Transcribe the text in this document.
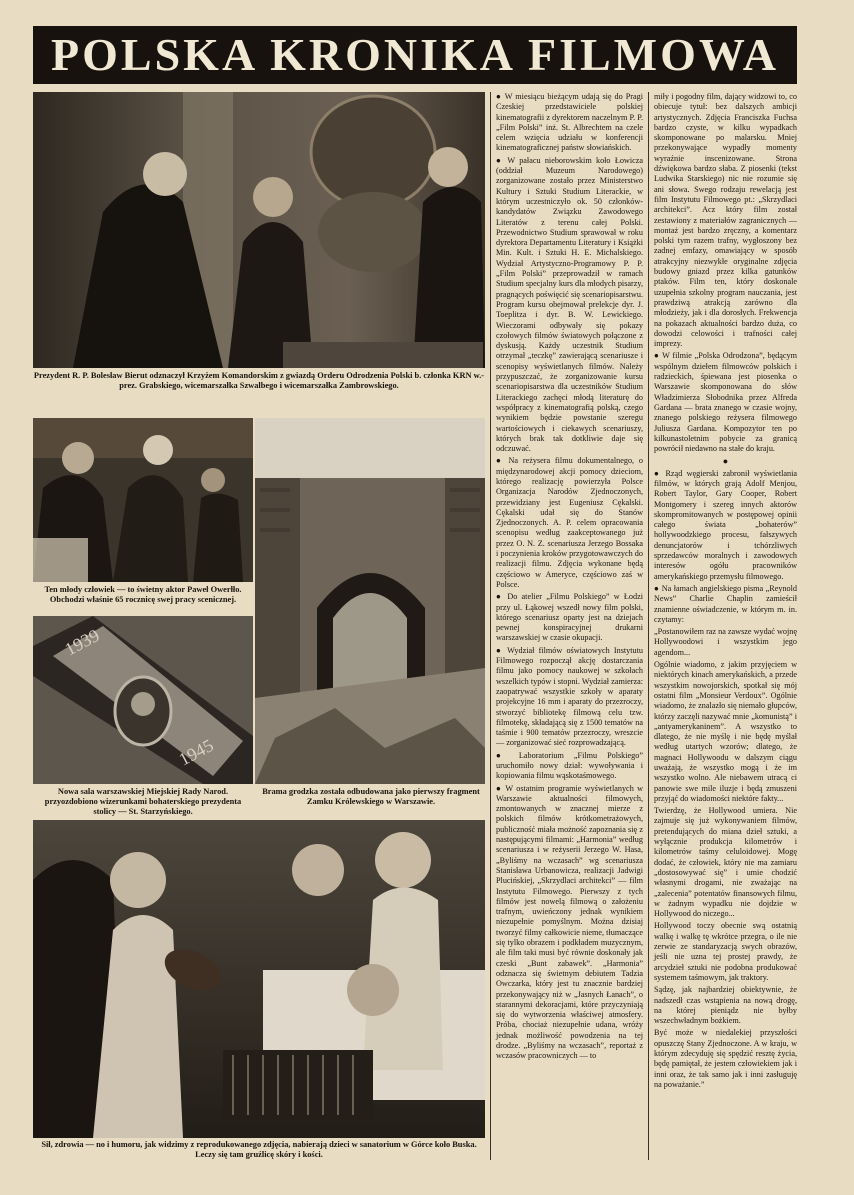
POLSKA KRONIKA FILMOWA
Prezydent R. P. Bolesław Bierut odznaczył Krzyżem Komandorskim z gwiazdą Orderu Odrodzenia Polski b. członka KRN w.-prez. Grabskiego, wicemarszałka Szwalbego i wicemarszałka Zambrowskiego.
Ten młody człowiek — to świetny aktor Paweł Owerłło. Obchodzi właśnie 65 rocznicę swej pracy scenicznej.
1939
1945
Nowa sala warszawskiej Miejskiej Rady Narod. przyozdobiono wizerunkami bohaterskiego prezydenta stolicy — St. Starzyńskiego.
Brama grodzka została odbudowana jako pierwszy fragment Zamku Królewskiego w Warszawie.
Sił, zdrowia — no i humoru, jak widzimy z reprodukowanego zdjęcia, nabierają dzieci w sanatorium w Górce koło Buska. Leczy się tam gruźlicę skóry i kości.

● W miesiącu bieżącym udają się do Pragi Czeskiej przedstawiciele polskiej kinematografii z dyrektorem naczelnym P. P. „Film Polski” inż. St. Albrechtem na czele celem wzięcia udziału w konferencji kinematograficznej państw słowiańskich.

● W pałacu nieborowskim koło Łowicza (oddział Muzeum Narodowego) zorganizowane zostało przez Ministerstwo Kultury i Sztuki Studium Literackie, w którym uczestniczyło ok. 50 członków-kandydatów Związku Zawodowego Literatów z terenu całej Polski. Przewodnictwo Studium sprawował w roku dyrektora Departamentu Literatury i Książki Min. Kult. i Sztuki H. E. Michalskiego. Wydział Artystyczno-Programowy P. P. „Film Polski” przeprowadził w ramach Studium specjalny kurs dla młodych pisarzy, pragnących poświęcić się scenariopisarstwu. Program kursu obejmował prelekcje dyr. J. Toeplitza i dyr. B. W. Lewickiego. Wieczorami odbywały się pokazy czołowych filmów światowych połączone z dyskusją. Każdy uczestnik Studium otrzymał „teczkę” zawierającą scenariusze i scenopisy wyświetlanych filmów. Należy przypuszczać, że zorganizowanie kursu scenariopisarstwa dla uczestników Studium Literackiego zachęci młodą literaturę do współpracy z kinematografią polską, czego wynikiem będzie powstanie szeregu wartościowych i ciekawych scenariuszy, których brak tak dotkliwie daje się odczuwać.

● Na reżysera filmu dokumentalnego, o międzynarodowej akcji pomocy dzieciom, którego realizację powierzyła Polsce Organizacja Narodów Zjednoczonych, przewidziany jest Eugeniusz Cękalski. Cękalski udał się do Stanów Zjednoczonych. A. P. celem opracowania scenopisu według zaakceptowanego już przez O. N. Z. scenariusza Jerzego Bossaka i poczynienia kroków przygotowawczych do realizacji filmu. Zdjęcia wykonane będą częściowo w Ameryce, częściowo zaś w Polsce.

● Do atelier „Filmu Polskiego” w Łodzi przy ul. Łąkowej wszedł nowy film polski, którego scenariusz oparty jest na dziejach pewnej konspiracyjnej drukarni warszawskiej w czasie okupacji.

● Wydział filmów oświatowych Instytutu Filmowego rozpoczął akcję dostarczania filmu jako pomocy naukowej w szkołach wszelkich typów i stopni. Wydział zamierza: zaopatrywać wszystkie szkoły w aparaty projekcyjne 16 mm i aparaty do przezroczy, stworzyć bibliotekę filmową celu tzw. filmotekę, składającą się z 1500 tematów na taśmie i 900 tematów przezroczy, wreszcie — zorganizować sieć rozprowadzającą.

● Laboratorium „Filmu Polskiego” uruchomiło nowy dział: wywoływania i kopiowania filmu wąskotaśmowego.

● W ostatnim programie wyświetlanych w Warszawie aktualności filmowych, zmontowanych w znacznej mierze z polskich filmów krótkometrażowych, publiczność miała możność zapoznania się z następującymi filmami: „Harmonia” według scenariusza i w reżyserii Jerzego W. Hasa, „Byliśmy na wczasach” wg scenariusza Stanisława Urbanowicza, realizacji Jadwigi Plucińskiej, „Skrzydlaci architekci” — film Instytutu Filmowego. Pierwszy z tych filmów jest nowelą filmową o założeniu trafnym, uwieńczony jednak wynikiem niezupełnie pomyślnym. Można dzisiaj tworzyć filmy całkowicie nieme, tłumaczące się tylko obrazem i podkładem muzycznym, ale film taki musi być równie doskonały jak czeski „Bunt zabawek”. „Harmonia” odznacza się świetnym debiutem Tadzia Owczarka, który jest tu znacznie bardziej przekonywający niż w „Jasnych Łanach”, o starannymi dekoracjami, które przyczyniają się do wytworzenia właściwej atmosfery. Próba, chociaż niezupełnie udana, wróży jednak możliwość powodzenia na tej drodze. „Byliśmy na wczasach”, reportaż z wczasów pracowniczych — to

miły i pogodny film, dający widzowi to, co obiecuje tytuł: bez dalszych ambicji artystycznych. Zdjęcia Franciszka Fuchsa bardzo czyste, w kilku wypadkach skomponowane po malarsku. Mniej przekonywające wypadły momenty wyraźnie inscenizowane. Strona dźwiękowa bardzo słaba. Z piosenki (tekst Ludwika Starskiego) nic nie rozumie się ani słowa. Swego rodzaju rewelacją jest film Instytutu Filmowego pt.: „Skrzydlaci architekci”. Acz który film został zestawiony z materiałów zagranicznych — montaż jest bardzo zręczny, a komentarz polski tym razem trafny, wygłoszony bez zadnej emfazy, omawiający w sposób atrakcyjny niezwykłe oryginalne zdjęcia budowy gniazd przez kilka gatunków ptaków. Film ten, który doskonale uzupełnia szkolny program nauczania, jest prawdziwą atrakcją zarówno dla młodzieży, jak i dla dorosłych. Frekwencja na pokazach aktualności bardzo duża, co dowodzi celowości i trafności całej imprezy.

● W filmie „Polska Odrodzona”, będącym wspólnym dziełem filmowców polskich i radzieckich, śpiewana jest piosenka o Warszawie skomponowana do słów Władzimierza Słobodnika przez Alfreda Gardana — brata znanego w czasie wojny, znanego polskiego reżysera filmowego Juliusza Gardana. Kompozytor ten po kilkunastoletnim pobycie za granicą powrócił niedawno na stałe do kraju.

●

● Rząd węgierski zabronił wyświetlania filmów, w których grają Adolf Menjou, Robert Taylor, Gary Cooper, Robert Montgomery i szereg innych aktorów skompromitowanych w postępowej opinii całego świata „bohaterów” hollywoodzkiego procesu, fałszywych denuncjatorów i tchórzliwych sprzedawców moralnych i zawodowych interesów ogółu pracowników amerykańskiego przemysłu filmowego.

● Na łamach angielskiego pisma „Reynold News” Charlie Chaplin zamieścił znamienne oświadczenie, w którym m. in. czytamy:

„Postanowiłem raz na zawsze wydać wojnę Hollywoodowi i wszystkim jego agendom...

Ogólnie wiadomo, z jakim przyjęciem w niektórych kinach amerykańskich, a przede wszystkim nowojorskich, spotkał się mój ostatni film „Monsieur Verdoux”. Ogólnie wiadomo, że znalazło się niemało głupców, którzy zaczęli nazywać mnie „komunistą” i „antyamerykaninem”. A wszystko to dlatego, że nie myślę i nie będę myślał według utartych wzorów; dlatego, że magnaci Hollywoodu w dalszym ciągu uważają, że wszystko mogą i że im wszystko wolno. Ale niebawem utracą ci panowie swe mile iluzje i będą zmuszeni przyjąć do wiadomości niektóre fakty...

Twierdzę, że Hollywood umiera. Nie zajmuje się już wykonywaniem filmów, pretendujących do miana dzieł sztuki, a wyłącznie produkcja kilometrów i kilometrów taśmy celuloidowej. Mogę dodać, że człowiek, który nie ma zamiaru „dostosowywać się” i umie chodzić własnymi drogami, nie zważając na „zalecenia” potentatów finansowych filmu, w żadnym wypadku nie dojdzie w Hollywood do niczego...

Hollywood toczy obecnie swą ostatnią walkę i walkę tę wkrótce przegra, o ile nie zerwie ze standaryzacją swych obrazów, jeśli nie uzna tej prostej prawdy, że arcydzieł sztuki nie podobna produkować systemem taśmowym, jak traktory.

Sądzę, jak najbardziej obiektywnie, że nadszedł czas wstąpienia na nową drogę, na której pieniądz nie byłby wszechwładnym bożkiem.

Być może w niedalekiej przyszłości opuszczę Stany Zjednoczone. A w kraju, w którym zdecyduję się spędzić resztę życia, będę pamiętał, że jestem człowiekiem jak i inni oraz, że tak samo jak i inni zasługuję na poważanie.”
